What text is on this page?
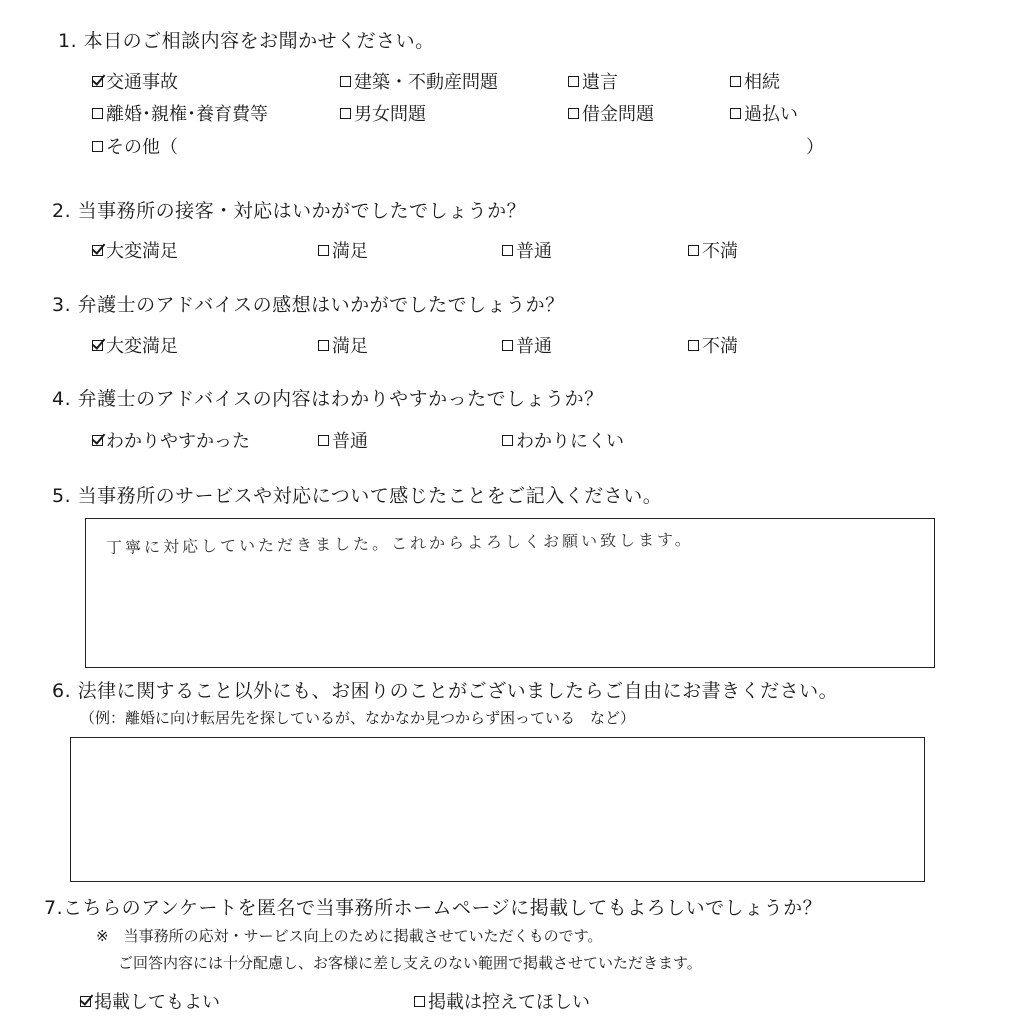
1. 本日のご相談内容をお聞かせください。
交通事故	建築・不動産問題	遺言	相続
離婚･親権･養育費等	男女問題	借金問題	過払い
その他（	）
2. 当事務所の接客・対応はいかがでしたでしょうか？
大変満足	満足	普通	不満
3. 弁護士のアドバイスの感想はいかがでしたでしょうか？
大変満足	満足	普通	不満
4. 弁護士のアドバイスの内容はわかりやすかったでしょうか？
わかりやすかった	普通	わかりにくい
5. 当事務所のサービスや対応について感じたことをご記入ください。
丁寧に対応していただきました。これからよろしくお願い致します。
6. 法律に関すること以外にも、お困りのことがございましたらご自由にお書きください。
（例：離婚に向け転居先を探しているが、なかなか見つからず困っている　など）
7.こちらのアンケートを匿名で当事務所ホームページに掲載してもよろしいでしょうか？
※　当事務所の応対・サービス向上のために掲載させていただくものです。
ご回答内容には十分配慮し、お客様に差し支えのない範囲で掲載させていただきます。
掲載してもよい	掲載は控えてほしい
